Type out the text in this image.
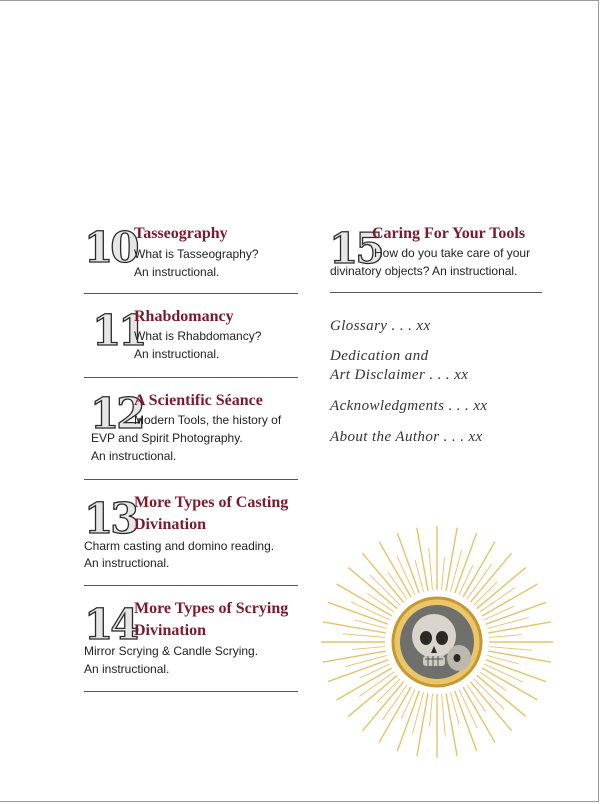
10
Tasseography
What is Tasseography?
An instructional.
11
Rhabdomancy
What is Rhabdomancy?
An instructional.
12
A Scientific Séance
Modern Tools, the history of
EVP and Spirit Photography.
An instructional.
13
More Types of Casting
Divination
Charm casting and domino reading.
An instructional.
14
More Types of Scrying
Divination
Mirror Scrying & Candle Scrying.
An instructional.
15
Caring For Your Tools
How do you take care of your
divinatory objects? An instructional.
Glossary . . . xx
Dedication and
Art Disclaimer . . . xx
Acknowledgments . . . xx
About the Author . . . xx
